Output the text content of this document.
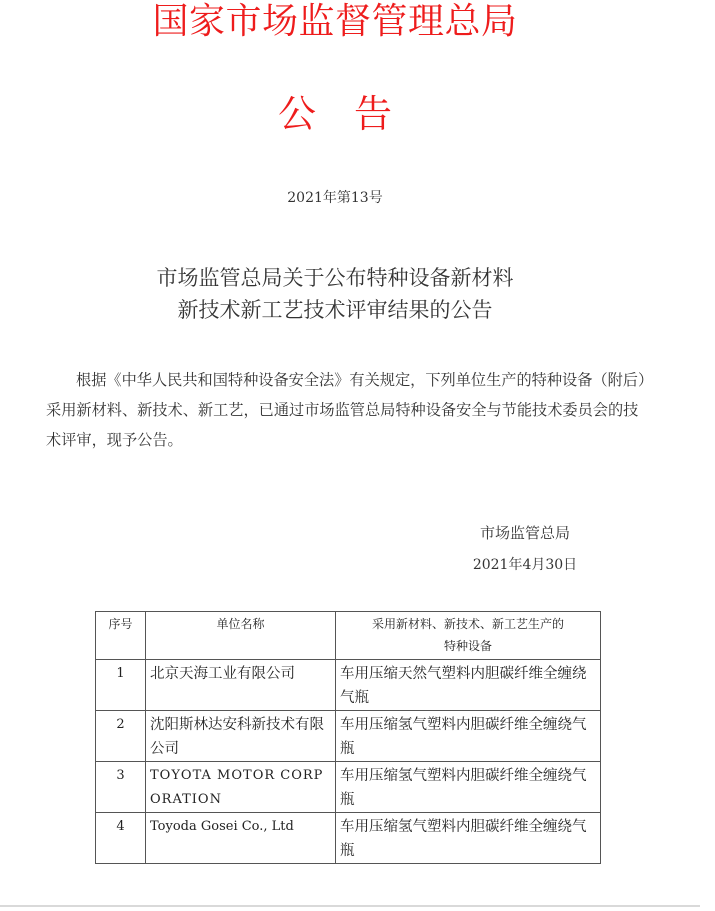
国家市场监督管理总局
公　告
2021年第13号
市场监管总局关于公布特种设备新材料
新技术新工艺技术评审结果的公告
根据《中华人民共和国特种设备安全法》有关规定，下列单位生产的特种设备（附后）采用新材料、新技术、新工艺，已通过市场监管总局特种设备安全与节能技术委员会的技术评审，现予公告。
市场监管总局
2021年4月30日
序号	单位名称	采用新材料、新技术、新工艺生产的
特种设备

1	北京天海工业有限公司	车用压缩天然气塑料内胆碳纤维全缠绕气瓶
2	沈阳斯林达安科新技术有限公司	车用压缩氢气塑料内胆碳纤维全缠绕气瓶
3	TOYOTA MOTOR CORPORATION	车用压缩氢气塑料内胆碳纤维全缠绕气瓶
4	Toyoda Gosei Co., Ltd	车用压缩氢气塑料内胆碳纤维全缠绕气瓶
